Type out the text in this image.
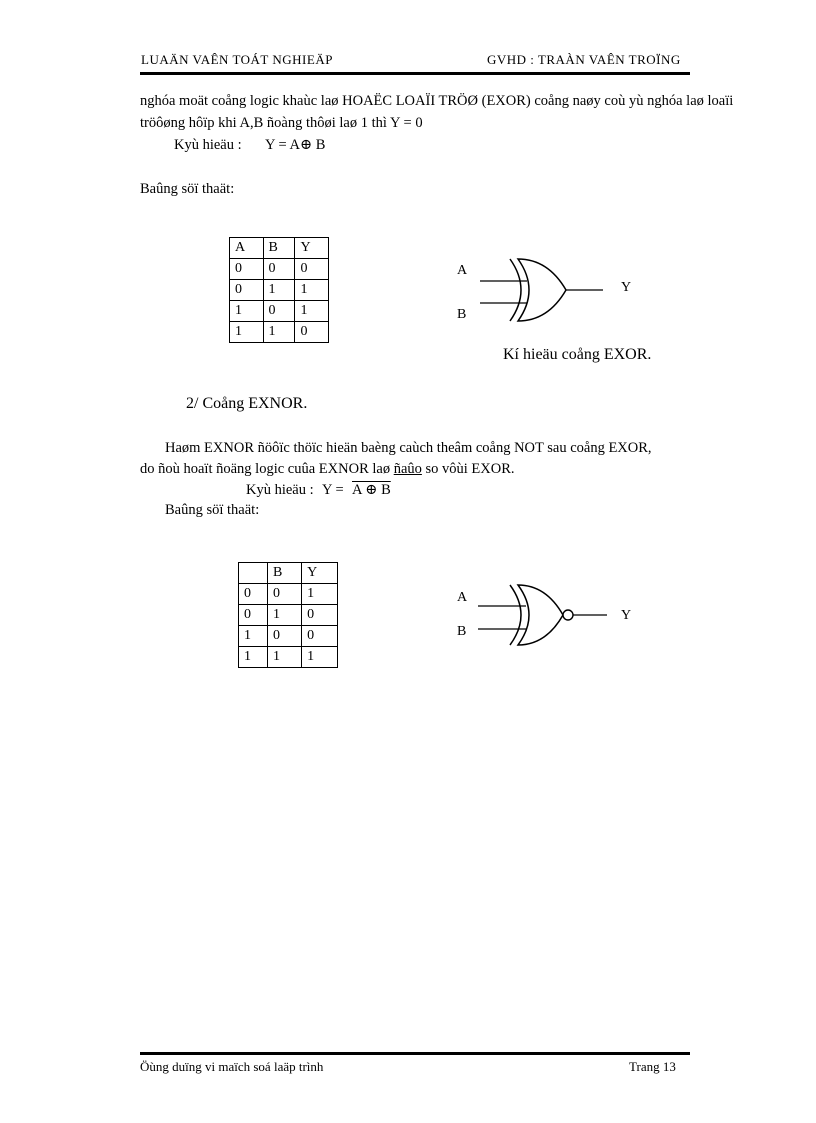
LUAÄN VAÊN TOÁT NGHIEÄP	GVHD : TRAÀN VAÊN TROÏNG
nghóa moät coång logic khaùc laø HOAËC LOAÏI TRÖØ (EXOR) coång naøy coù yù nghóa laø loaïi
tröôøng hôïp khi A,B ñoàng thôøi laø 1 thì Y = 0
Kyù hieäu : Y = A⊕ B
Baûng söï thaät:
A	B	Y
0	0	0
0	1	1
1	0	1
1	1	0
A
B
Y
Kí hieäu coång EXOR.
2/ Coång EXNOR.
Haøm EXNOR ñöôïc thöïc hieän baèng caùch theâm coång NOT sau coång EXOR,
do ñoù hoaït ñoäng logic cuûa EXNOR laø ñaûo so vôùi EXOR.
Kyù hieäu : Y = A ⊕ B
Baûng söï thaät:
	B	Y
0	0	1
0	1	0
1	0	0
1	1	1
A
B
Y
Öùng duïng vi maïch soá laäp trình	Trang 13
